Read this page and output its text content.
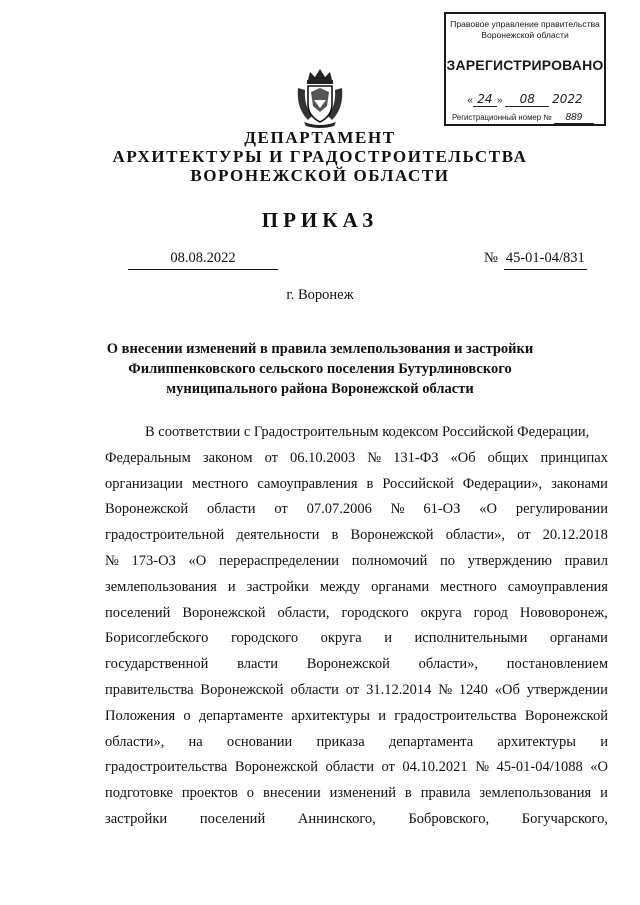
Правовое управление правительства
Воронежской области
ЗАРЕГИСТРИРОВАНО
« 24 » 08 2022
Регистрационный номер № 889
ДЕПАРТАМЕНТ
АРХИТЕКТУРЫ И ГРАДОСТРОИТЕЛЬСТВА
ВОРОНЕЖСКОЙ ОБЛАСТИ
ПРИКАЗ
08.08.2022	№ 45-01-04/831
г. Воронеж
О внесении изменений в правила землепользования и застройки
Филиппенковского сельского поселения Бутурлиновского
муниципального района Воронежской области
В соответствии с Градостроительным кодексом Российской Федерации,
Федеральным законом от 06.10.2003 № 131-ФЗ «Об общих принципах
организации местного самоуправления в Российской Федерации», законами
Воронежской области от 07.07.2006 № 61-ОЗ «О регулировании
градостроительной деятельности в Воронежской области», от 20.12.2018
№ 173-ОЗ «О перераспределении полномочий по утверждению правил
землепользования и застройки между органами местного самоуправления
поселений Воронежской области, городского округа город Нововоронеж,
Борисоглебского городского округа и исполнительными органами
государственной власти Воронежской области», постановлением
правительства Воронежской области от 31.12.2014 № 1240 «Об утверждении
Положения о департаменте архитектуры и градостроительства Воронежской
области», на основании приказа департамента архитектуры и
градостроительства Воронежской области от 04.10.2021 № 45-01-04/1088 «О
подготовке проектов о внесении изменений в правила землепользования и
застройки поселений Аннинского, Бобровского, Богучарского,
